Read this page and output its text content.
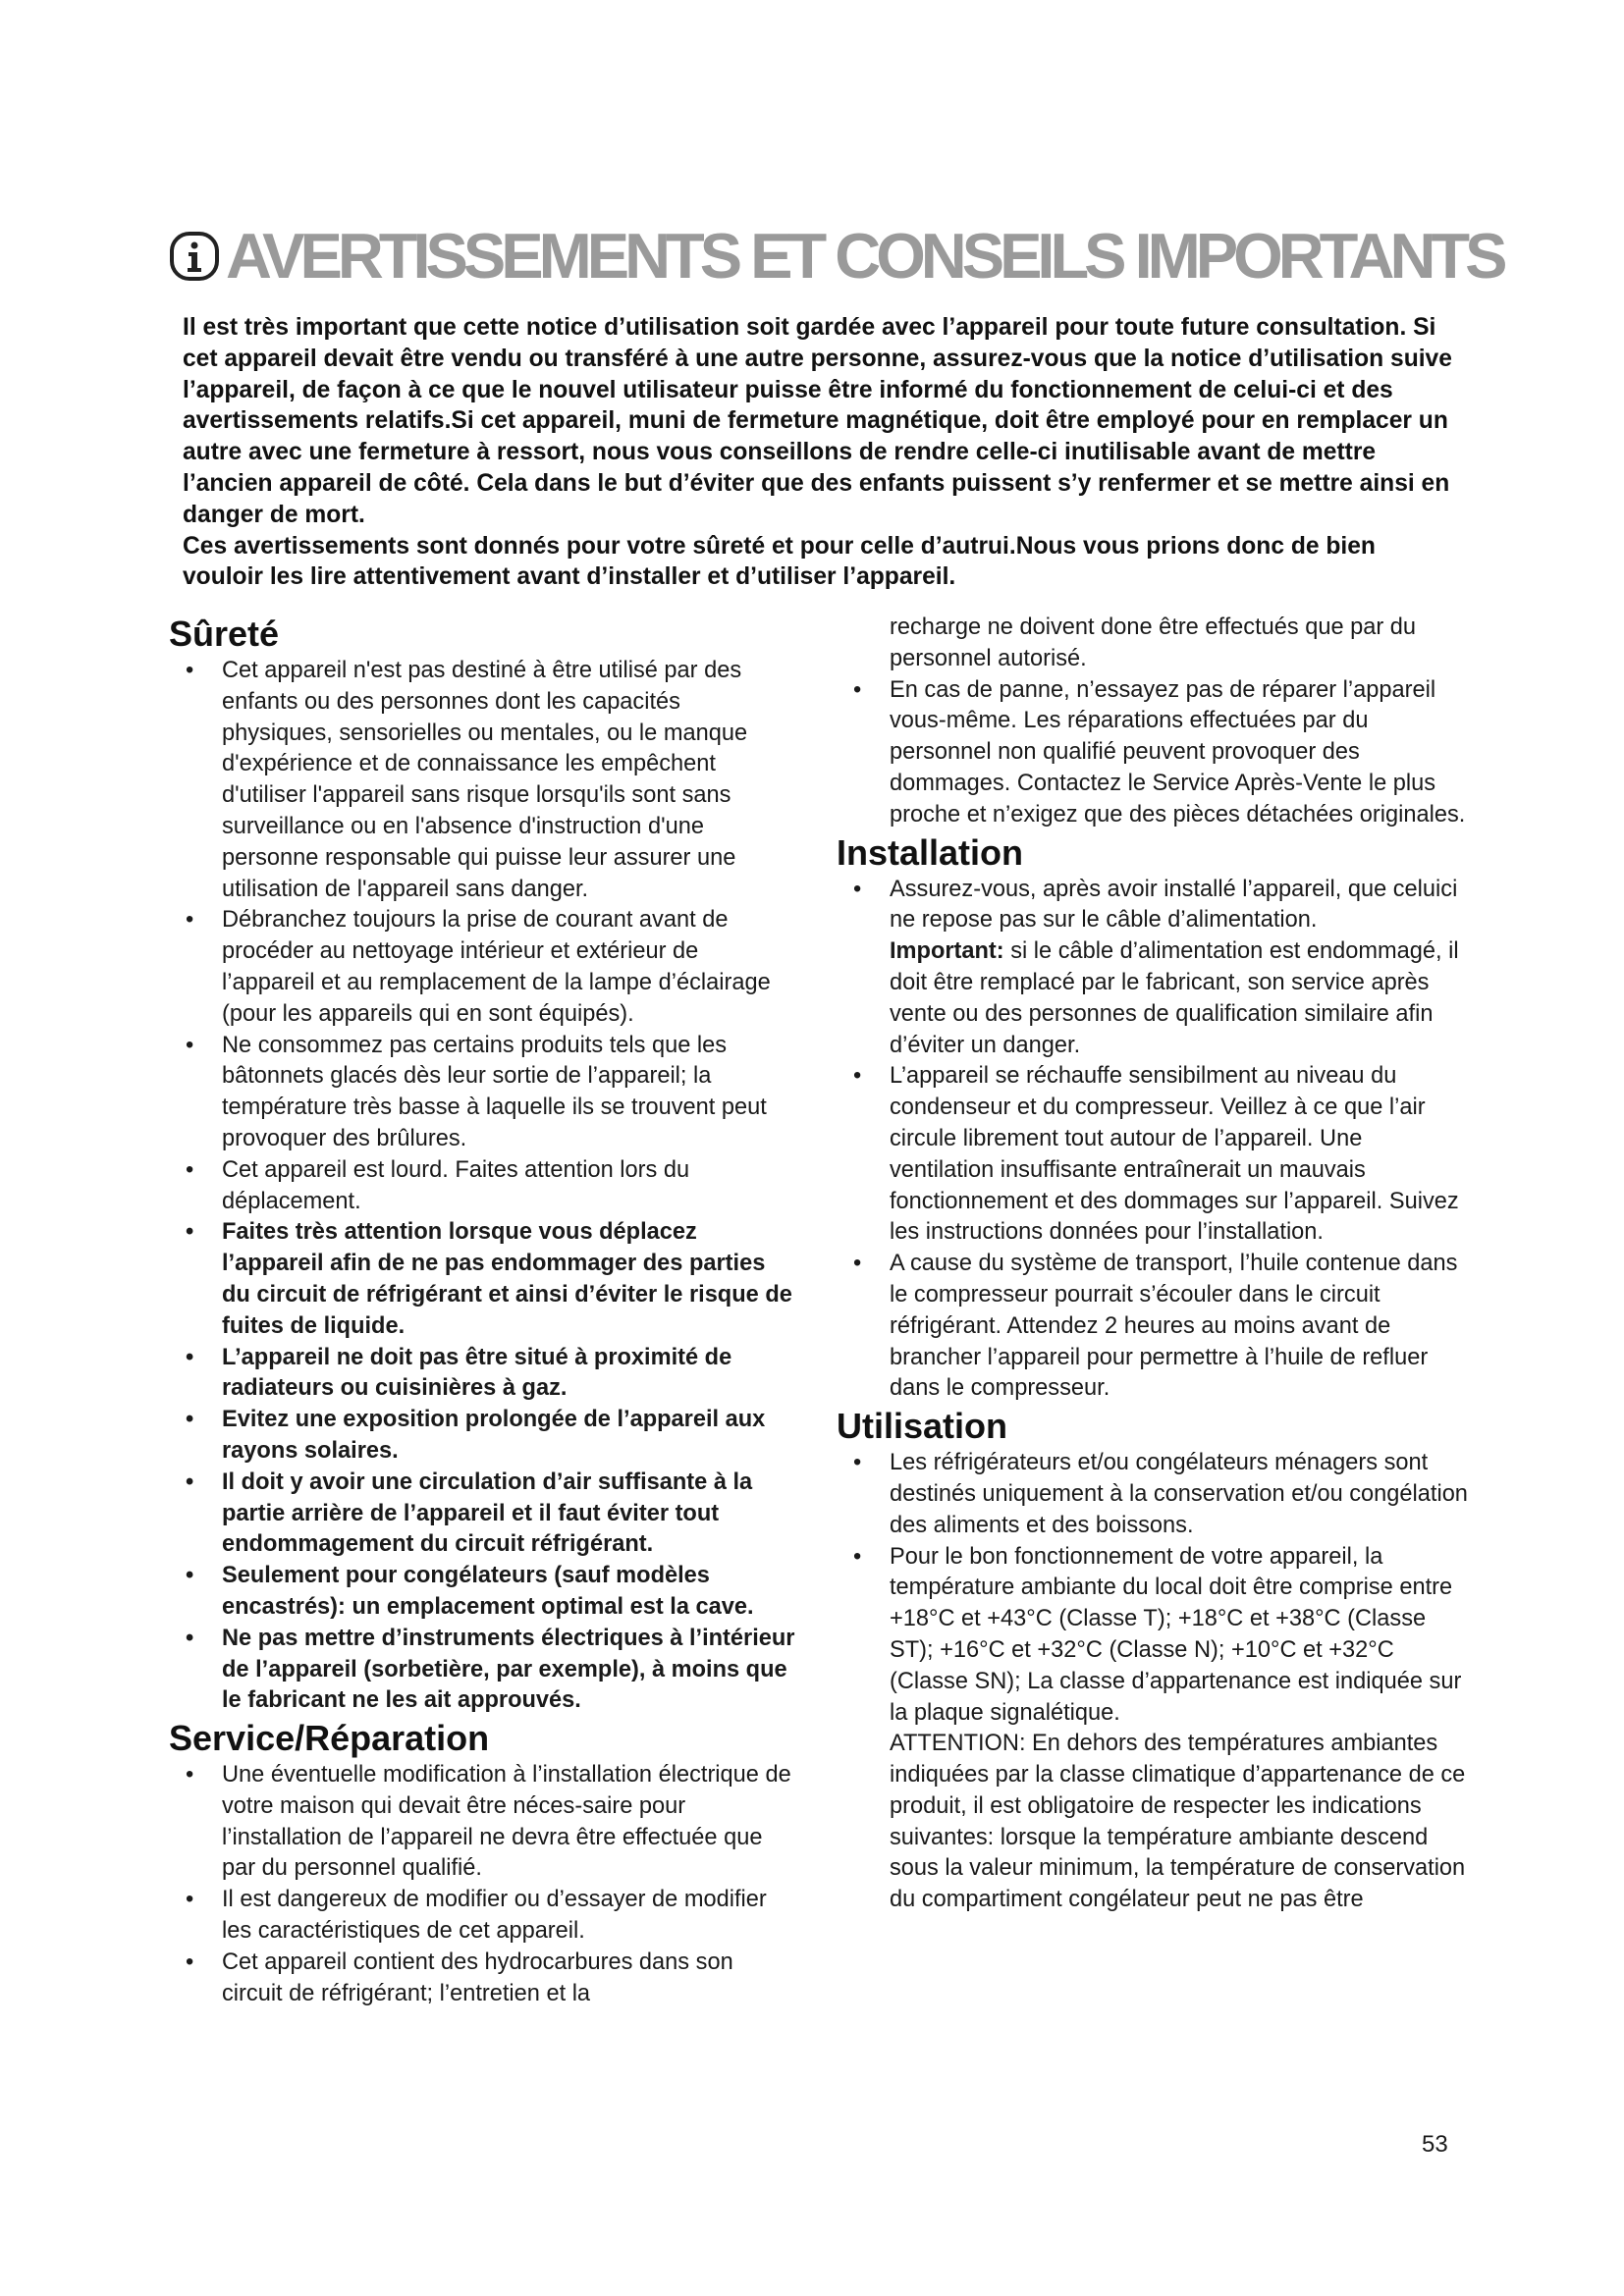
AVERTISSEMENTS ET CONSEILS IMPORTANTS

Il est très important que cette notice d’utilisation soit gardée avec l’appareil pour toute future consultation. Si cet appareil devait être vendu ou transféré à une autre personne, assurez-vous que la notice d’utilisation suive l’appareil, de façon à ce que le nouvel utilisateur puisse être informé du fonctionnement de celui-ci et des avertissements relatifs.Si cet appareil, muni de fermeture magnétique, doit être employé pour en remplacer un autre avec une fermeture à ressort, nous vous conseillons de rendre celle-ci inutilisable avant de mettre l’ancien appareil de côté. Cela dans le but d’éviter que des enfants puissent s’y renfermer et se mettre ainsi en danger de mort.

Ces avertissements sont donnés pour votre sûreté et pour celle d’autrui.Nous vous prions donc de bien vouloir les lire attentivement avant d’installer et d’utiliser l’appareil.

Sûreté
• Cet appareil n'est pas destiné à être utilisé par des enfants ou des personnes dont les capacités physiques, sensorielles ou mentales, ou le manque d'expérience et de connaissance les empêchent d'utiliser l'appareil sans risque lorsqu'ils sont sans surveillance ou en l'absence d'instruction d'une personne responsable qui puisse leur assurer une utilisation de l'appareil sans danger.
• Débranchez toujours la prise de courant avant de procéder au nettoyage intérieur et extérieur de l’appareil et au remplacement de la lampe d’éclairage (pour les appareils qui en sont équipés).
• Ne consommez pas certains produits tels que les bâtonnets glacés dès leur sortie de l’appareil; la température très basse à laquelle ils se trouvent peut provoquer des brûlures.
• Cet appareil est lourd. Faites attention lors du déplacement.
• Faites très attention lorsque vous déplacez l’appareil afin de ne pas endommager des parties du circuit de réfrigérant et ainsi d’éviter le risque de fuites de liquide.
• L’appareil ne doit pas être situé à proximité de radiateurs ou cuisinières à gaz.
• Evitez une exposition prolongée de l’appareil aux rayons solaires.
• Il doit y avoir une circulation d’air suffisante à la partie arrière de l’appareil et il faut éviter tout endommagement du circuit réfrigérant.
• Seulement pour congélateurs (sauf modèles encastrés): un emplacement optimal est la cave.
• Ne pas mettre d’instruments électriques à l’intérieur de l’appareil (sorbetière, par exemple), à moins que le fabricant ne les ait approuvés.
Service/Réparation
• Une éventuelle modification à l’installation électrique de votre maison qui devait être néces-saire pour l’installation de l’appareil ne devra être effectuée que par du personnel qualifié.
• Il est dangereux de modifier ou d’essayer de modifier les caractéristiques de cet appareil.
• Cet appareil contient des hydrocarbures dans son circuit de réfrigérant; l’entretien et la
recharge ne doivent done être effectués que par du personnel autorisé.
• En cas de panne, n’essayez pas de réparer l’appareil vous-même. Les réparations effectuées par du personnel non qualifié peuvent provoquer des dommages. Contactez le Service Après-Vente le plus proche et n’exigez que des pièces détachées originales.
Installation
• Assurez-vous, après avoir installé l’appareil, que celuici ne repose pas sur le câble d’alimentation.
Important: si le câble d’alimentation est endommagé, il doit être remplacé par le fabricant, son service après vente ou des personnes de qualification similaire afin d’éviter un danger.
• L’appareil se réchauffe sensibilment au niveau du condenseur et du compresseur. Veillez à ce que l’air circule librement tout autour de l’appareil. Une ventilation insuffisante entraînerait un mauvais fonctionnement et des dommages sur l’appareil. Suivez les instructions données pour l’installation.
• A cause du système de transport, l’huile contenue dans le compresseur pourrait s’écouler dans le circuit réfrigérant. Attendez 2 heures au moins avant de brancher l’appareil pour permettre à l’huile de refluer dans le compresseur.
Utilisation
• Les réfrigérateurs et/ou congélateurs ménagers sont destinés uniquement à la conservation et/ou congélation des aliments et des boissons.
• Pour le bon fonctionnement de votre appareil, la température ambiante du local doit être comprise entre +18°C et +43°C (Classe T); +18°C et +38°C (Classe ST); +16°C et +32°C (Classe N); +10°C et +32°C (Classe SN); La classe d’appartenance est indiquée sur la plaque signalétique.
ATTENTION: En dehors des températures ambiantes indiquées par la classe climatique d’appartenance de ce produit, il est obligatoire de respecter les indications suivantes: lorsque la température ambiante descend sous la valeur minimum, la température de conservation du compartiment congélateur peut ne pas être
53
